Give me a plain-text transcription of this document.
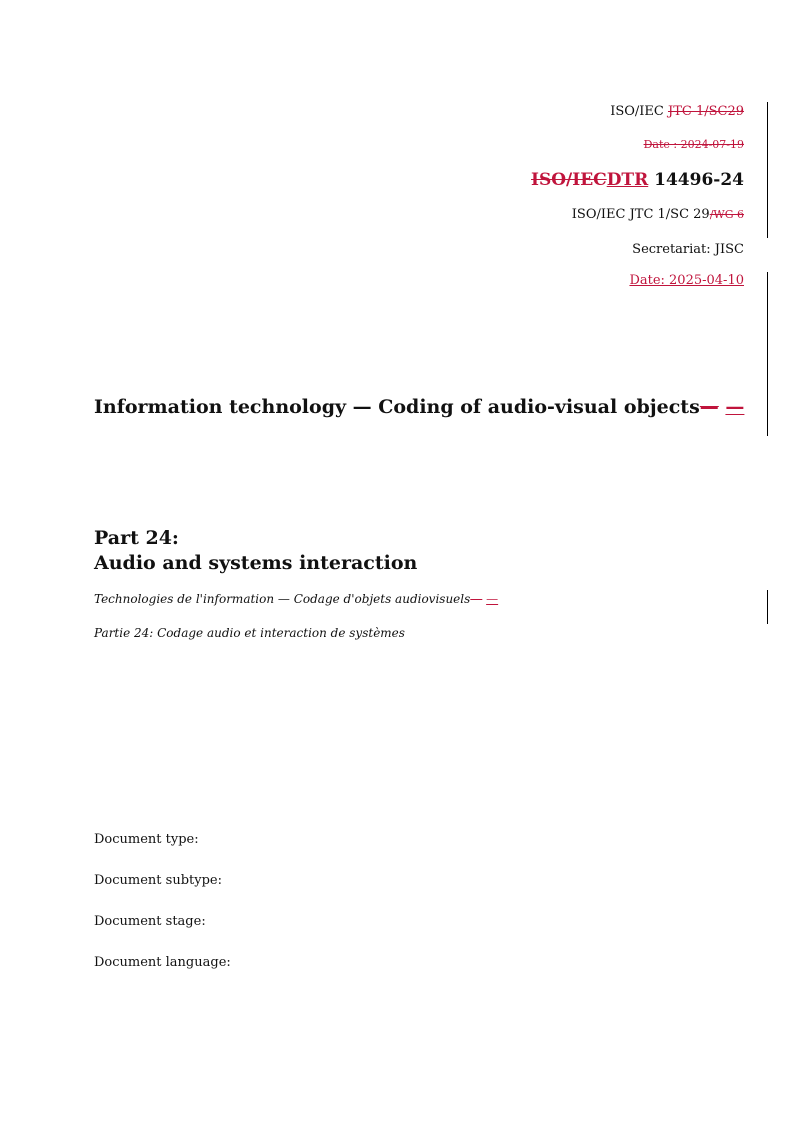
ISO/IEC JTC 1/SC29
Date : 2024-07-19
ISO/IECDTR 14496-24
ISO/IEC JTC 1/SC 29/WG 6
Secretariat: JISC
Date: 2025-04-10
Information technology — Coding of audio-visual objects— —
Part 24:
Audio and systems interaction
Technologies de l'information — Codage d'objets audiovisuels— —
Partie 24: Codage audio et interaction de systèmes
Document type:
Document subtype:
Document stage:
Document language:
